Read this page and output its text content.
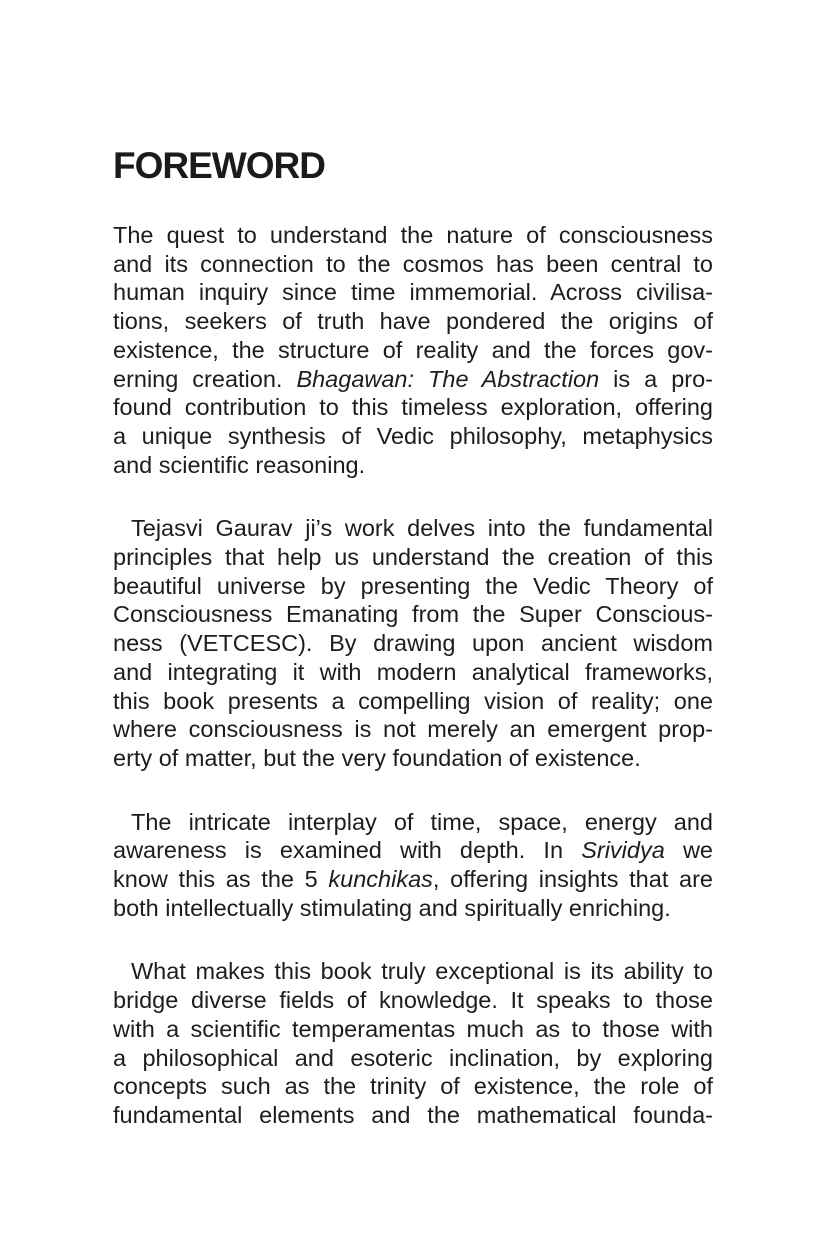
FOREWORD

The quest to understand the nature of consciousness
and its connection to the cosmos has been central to
human inquiry since time immemorial. Across civilisa-
tions, seekers of truth have pondered the origins of
existence, the structure of reality and the forces gov-
erning creation. Bhagawan: The Abstraction is a pro-
found contribution to this timeless exploration, offering
a unique synthesis of Vedic philosophy, metaphysics
and scientific reasoning.

Tejasvi Gaurav ji’s work delves into the fundamental
principles that help us understand the creation of this
beautiful universe by presenting the Vedic Theory of
Consciousness Emanating from the Super Conscious-
ness (VETCESC). By drawing upon ancient wisdom
and integrating it with modern analytical frameworks,
this book presents a compelling vision of reality; one
where consciousness is not merely an emergent prop-
erty of matter, but the very foundation of existence.

The intricate interplay of time, space, energy and
awareness is examined with depth. In Srividya we
know this as the 5 kunchikas, offering insights that are
both intellectually stimulating and spiritually enriching.

What makes this book truly exceptional is its ability to
bridge diverse fields of knowledge. It speaks to those
with a scientific temperamentas much as to those with
a philosophical and esoteric inclination, by exploring
concepts such as the trinity of existence, the role of
fundamental elements and the mathematical founda-
